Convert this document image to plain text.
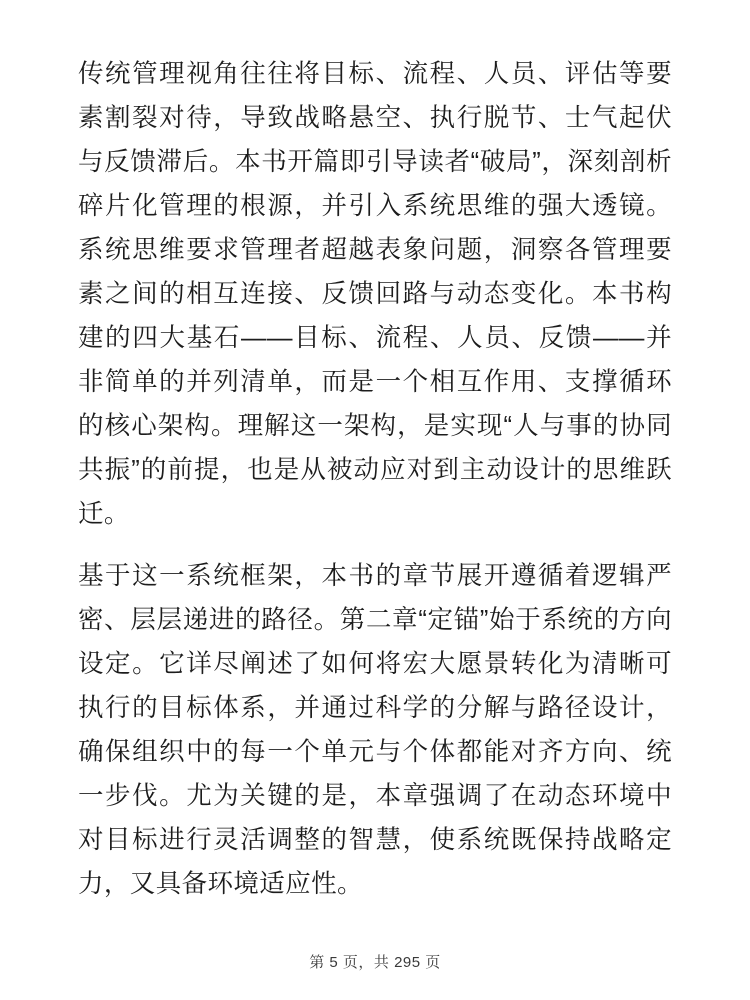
传统管理视角往往将目标、流程、人员、评估等要素割裂对待，导致战略悬空、执行脱节、士气起伏与反馈滞后。本书开篇即引导读者“破局”，深刻剖析碎片化管理的根源，并引入系统思维的强大透镜。系统思维要求管理者超越表象问题，洞察各管理要素之间的相互连接、反馈回路与动态变化。本书构建的四大基石——目标、流程、人员、反馈——并非简单的并列清单，而是一个相互作用、支撑循环的核心架构。理解这一架构，是实现“人与事的协同共振”的前提，也是从被动应对到主动设计的思维跃迁。

基于这一系统框架，本书的章节展开遵循着逻辑严密、层层递进的路径。第二章“定锚”始于系统的方向设定。它详尽阐述了如何将宏大愿景转化为清晰可执行的目标体系，并通过科学的分解与路径设计，确保组织中的每一个单元与个体都能对齐方向、统一步伐。尤为关键的是，本章强调了在动态环境中对目标进行灵活调整的智慧，使系统既保持战略定力，又具备环境适应性。

第 5 页，共 295 页
